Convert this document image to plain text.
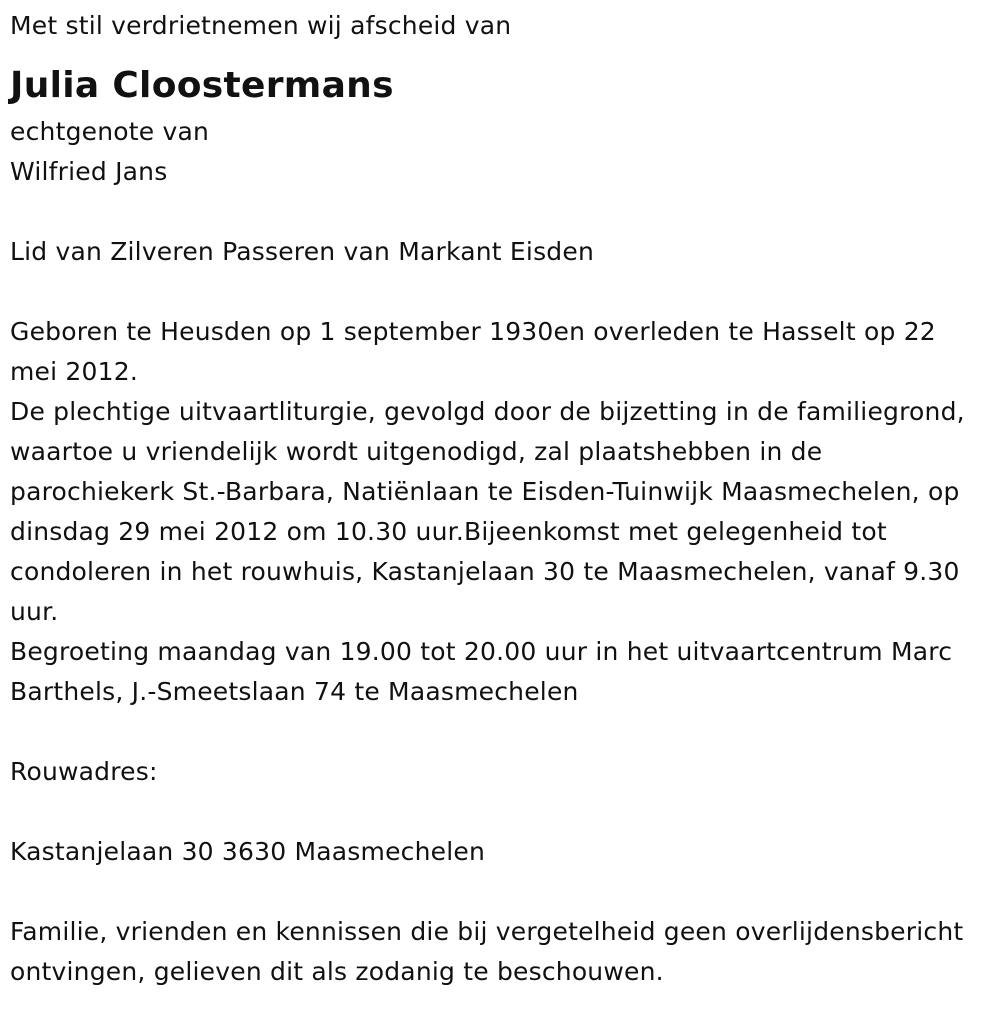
Met stil verdrietnemen wij afscheid van
Julia Cloostermans
echtgenote van
Wilfried Jans
Lid van Zilveren Passeren van Markant Eisden
Geboren te Heusden op 1 september 1930en overleden te Hasselt op 22 mei 2012.
De plechtige uitvaartliturgie, gevolgd door de bijzetting in de familiegrond, waartoe u vriendelijk wordt uitgenodigd, zal plaatshebben in de parochiekerk St.-Barbara, Natiënlaan te Eisden-Tuinwijk Maasmechelen, op dinsdag 29 mei 2012 om 10.30 uur.Bijeenkomst met gelegenheid tot condoleren in het rouwhuis, Kastanjelaan 30 te Maasmechelen, vanaf 9.30 uur.
Begroeting maandag van 19.00 tot 20.00 uur in het uitvaartcentrum Marc Barthels, J.-Smeetslaan 74 te Maasmechelen
Rouwadres:
Kastanjelaan 30 3630 Maasmechelen
Familie, vrienden en kennissen die bij vergetelheid geen overlijdensbericht ontvingen, gelieven dit als zodanig te beschouwen.
